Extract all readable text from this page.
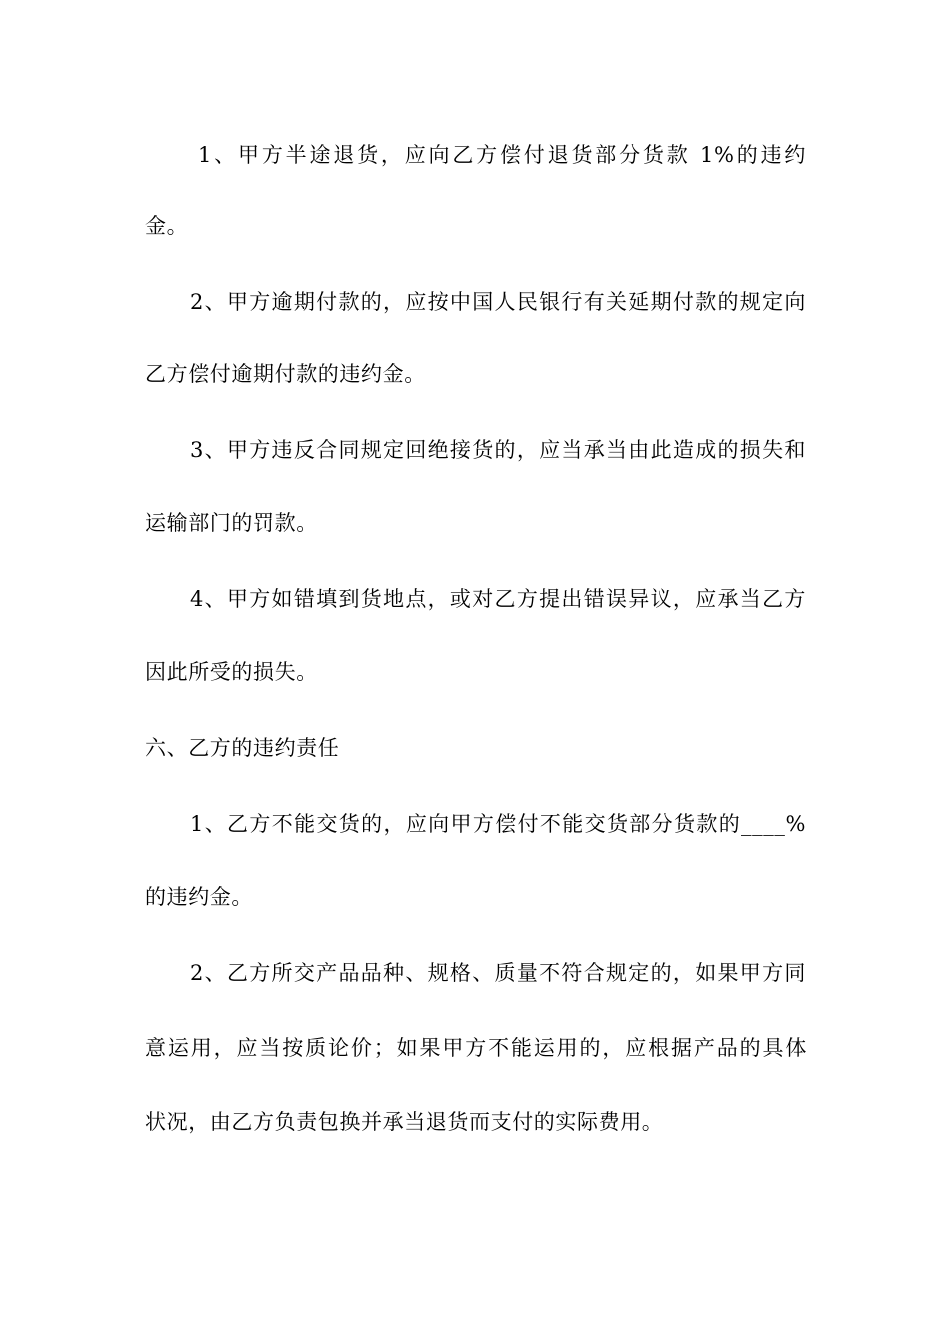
1、甲方半途退货，应向乙方偿付退货部分货款 1%的违约
金。
2、甲方逾期付款的，应按中国人民银行有关延期付款的规定向
乙方偿付逾期付款的违约金。
3、甲方违反合同规定回绝接货的，应当承当由此造成的损失和
运输部门的罚款。
4、甲方如错填到货地点，或对乙方提出错误异议，应承当乙方
因此所受的损失。
六、乙方的违约责任
1、乙方不能交货的，应向甲方偿付不能交货部分货款的____%
的违约金。
2、乙方所交产品品种、规格、质量不符合规定的，如果甲方同
意运用，应当按质论价；如果甲方不能运用的，应根据产品的具体
状况，由乙方负责包换并承当退货而支付的实际费用。
